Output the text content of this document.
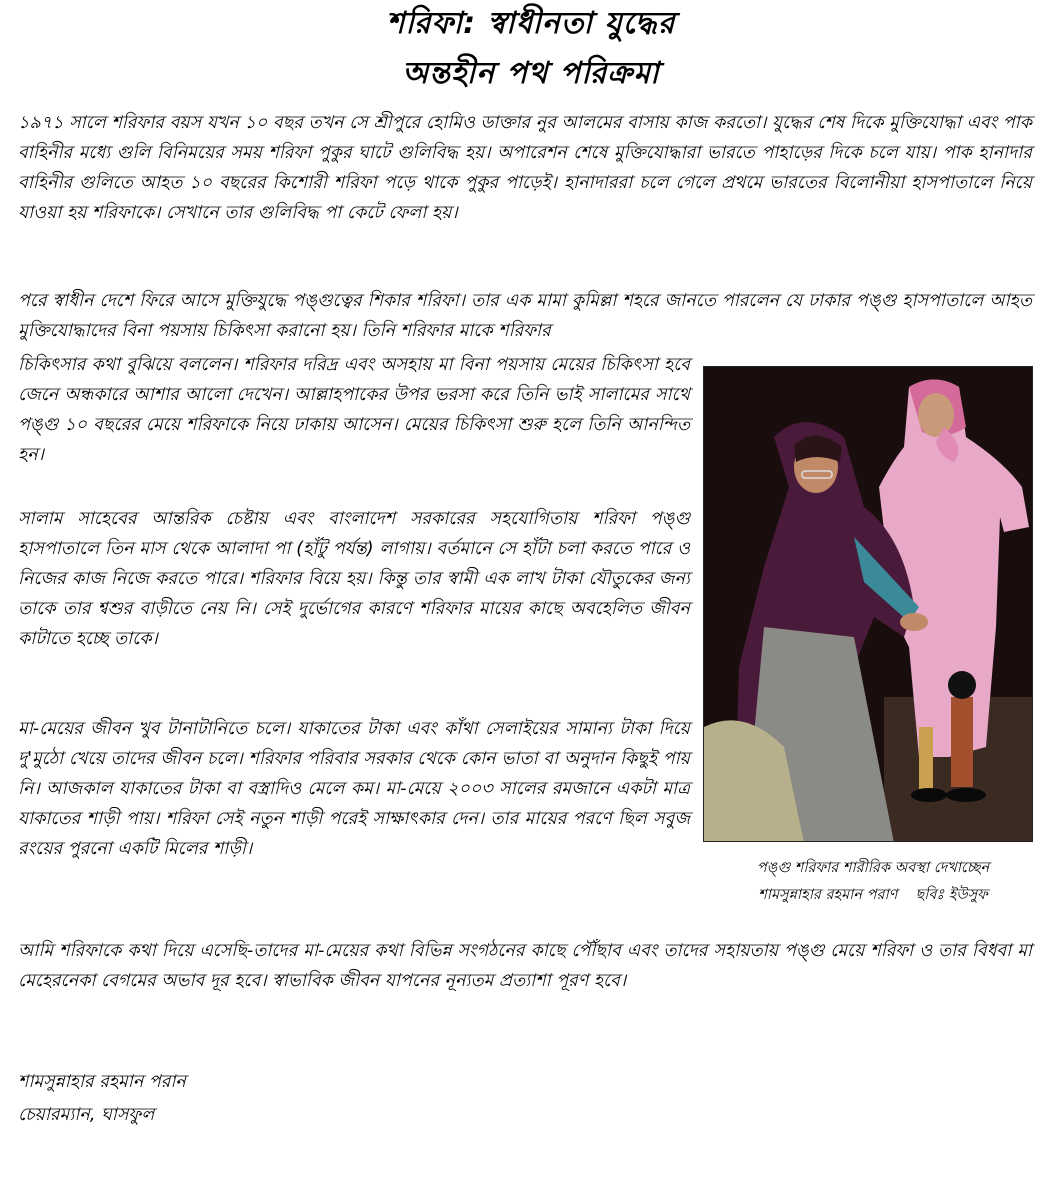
শরিফা: স্বাধীনতা যুদ্ধের
অন্তহীন পথ পরিক্রমা

১৯৭১ সালে শরিফার বয়স যখন ১০ বছর তখন সে শ্রীপুরে হোমিও ডাক্তার নুর আলমের বাসায় কাজ করতো। যুদ্ধের শেষ দিকে মুক্তিযোদ্ধা এবং পাক বাহিনীর মধ্যে গুলি বিনিময়ের সময় শরিফা পুকুর ঘাটে গুলিবিদ্ধ হয়। অপারেশন শেষে মুক্তিযোদ্ধারা ভারতে পাহাড়ের দিকে চলে যায়। পাক হানাদার বাহিনীর গুলিতে আহত ১০ বছরের কিশোরী শরিফা পড়ে থাকে পুকুর পাড়েই। হানাদাররা চলে গেলে প্রথমে ভারতের বিলোনীয়া হাসপাতালে নিয়ে যাওয়া হয় শরিফাকে। সেখানে তার গুলিবিদ্ধ পা কেটে ফেলা হয়।

পরে স্বাধীন দেশে ফিরে আসে মুক্তিযুদ্ধে পঙ্গুত্বের শিকার শরিফা। তার এক মামা কুমিল্লা শহরে জানতে পারলেন যে ঢাকার পঙ্গু হাসপাতালে আহত মুক্তিযোদ্ধাদের বিনা পয়সায় চিকিৎসা করানো হয়। তিনি শরিফার মাকে শরিফার

চিকিৎসার কথা বুঝিয়ে বললেন। শরিফার দরিদ্র এবং অসহায় মা বিনা পয়সায় মেয়ের চিকিৎসা হবে জেনে অন্ধকারে আশার আলো দেখেন। আল্লাহপাকের উপর ভরসা করে তিনি ভাই সালামের সাথে পঙ্গু ১০ বছরের মেয়ে শরিফাকে নিয়ে ঢাকায় আসেন। মেয়ের চিকিৎসা শুরু হলে তিনি আনন্দিত হন।

সালাম সাহেবের আন্তরিক চেষ্টায় এবং বাংলাদেশ সরকারের সহযোগিতায় শরিফা পঙ্গু হাসপাতালে তিন মাস থেকে আলাদা পা (হাঁটু পর্যন্ত) লাগায়। বর্তমানে সে হাঁটা চলা করতে পারে ও নিজের কাজ নিজে করতে পারে। শরিফার বিয়ে হয়। কিন্তু তার স্বামী এক লাখ টাকা যৌতুকের জন্য তাকে তার শ্বশুর বাড়ীতে নেয় নি। সেই দুর্ভোগের কারণে শরিফার মায়ের কাছে অবহেলিত জীবন কাটাতে হচ্ছে তাকে।

মা-মেয়ের জীবন খুব টানাটানিতে চলে। যাকাতের টাকা এবং কাঁথা সেলাইয়ের সামান্য টাকা দিয়ে দু'মুঠো খেয়ে তাদের জীবন চলে। শরিফার পরিবার সরকার থেকে কোন ভাতা বা অনুদান কিছুই পায় নি। আজকাল যাকাতের টাকা বা বস্ত্রাদিও মেলে কম। মা-মেয়ে ২০০৩ সালের রমজানে একটা মাত্র যাকাতের শাড়ী পায়। শরিফা সেই নতুন শাড়ী পরেই সাক্ষাৎকার দেন। তার মায়ের পরণে ছিল সবুজ রংয়ের পুরনো একটি মিলের শাড়ী।

পঙ্গু শরিফার শারীরিক অবস্থা দেখাচ্ছেন
শামসুন্নাহার রহমান পরাণ ছবিঃ ইউসুফ

আমি শরিফাকে কথা দিয়ে এসেছি-তাদের মা-মেয়ের কথা বিভিন্ন সংগঠনের কাছে পৌঁছাব এবং তাদের সহায়তায় পঙ্গু মেয়ে শরিফা ও তার বিধবা মা মেহেরনেকা বেগমের অভাব দূর হবে। স্বাভাবিক জীবন যাপনের নূন্যতম প্রত্যাশা পূরণ হবে।

শামসুন্নাহার রহমান পরান
চেয়ারম্যান, ঘাসফুল
